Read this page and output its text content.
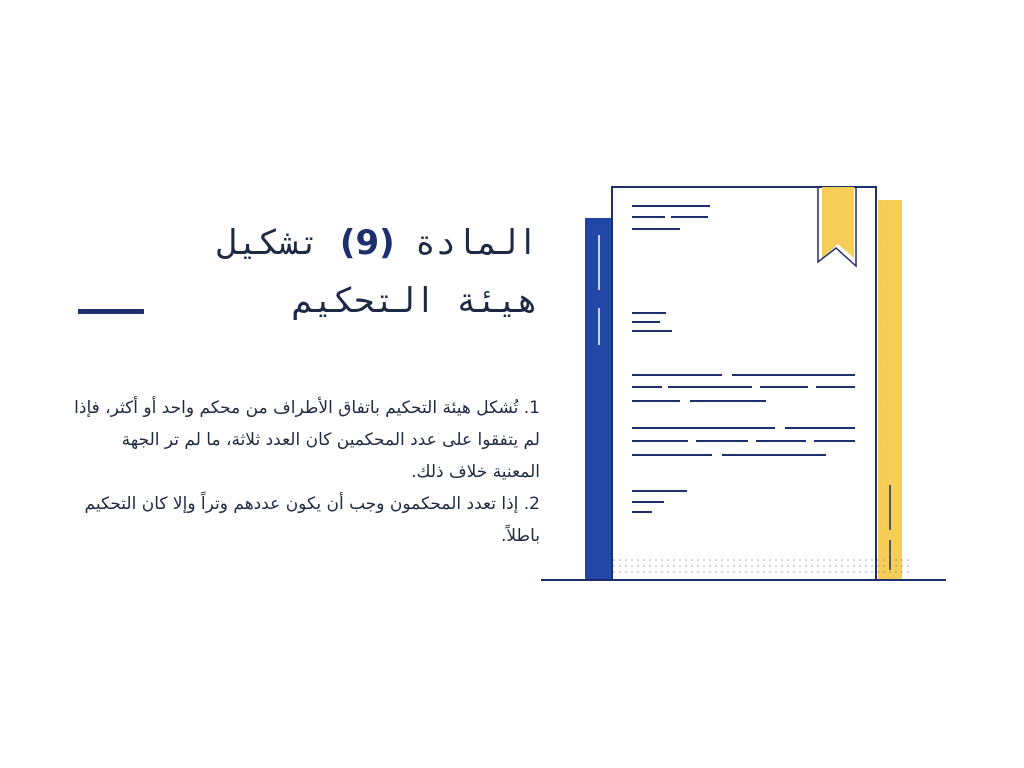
المادة (9) تشكيل
هيئة التحكيم

1. تُشكل هيئة التحكيم باتفاق الأطراف من محكم واحد أو أكثر، فإذا لم يتفقوا على عدد المحكمين كان العدد ثلاثة، ما لم تر الجهة المعنية خلاف ذلك.

2. إذا تعدد المحكمون وجب أن يكون عددهم وتراً وإلا كان التحكيم باطلاً.
